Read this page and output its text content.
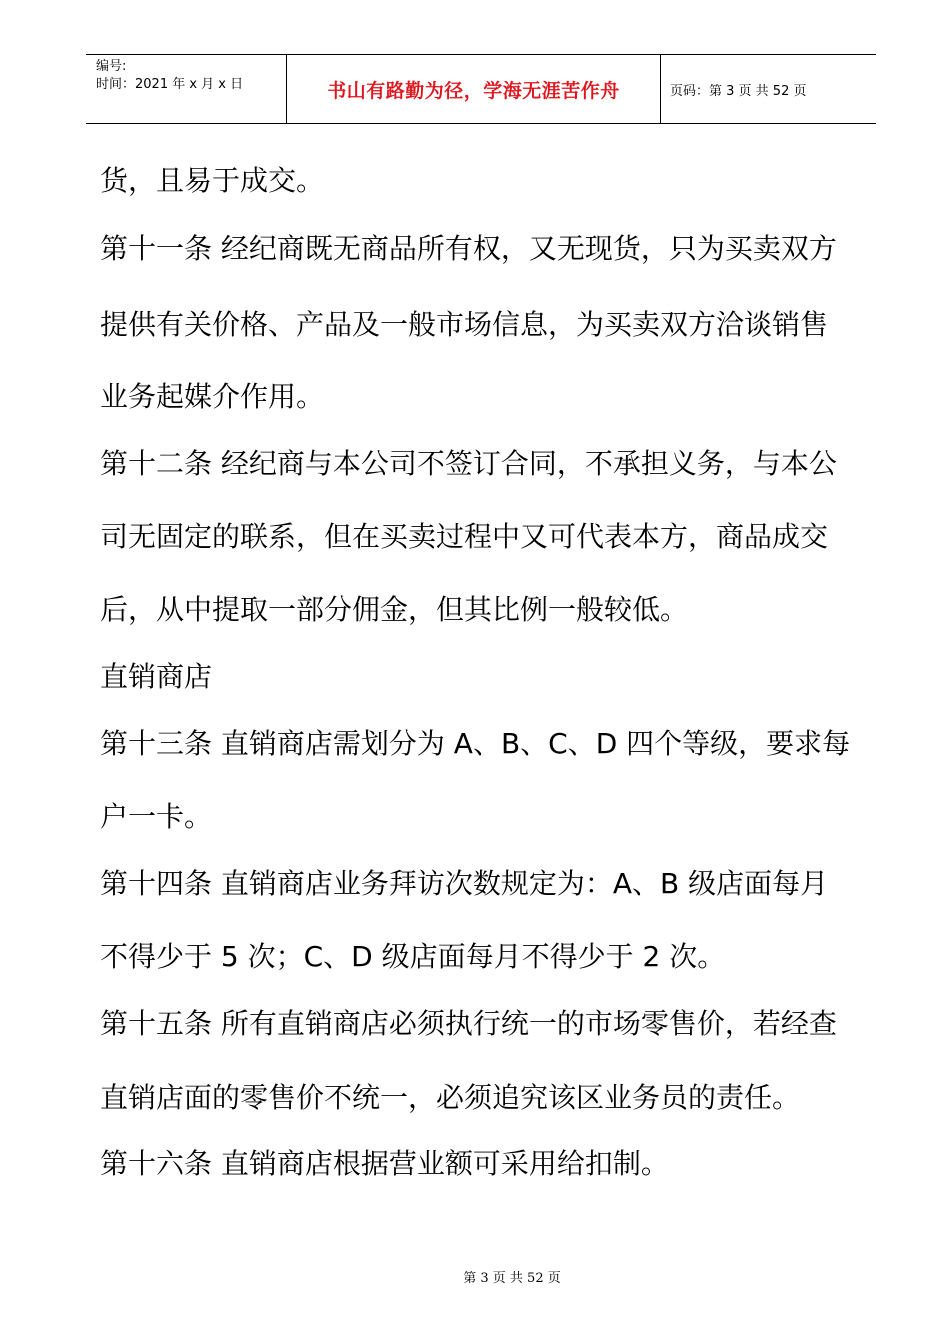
编号:
时间：2021 年 x 月 x 日	书山有路勤为径，学海无涯苦作舟	页码：第 3 页 共 52 页
货，且易于成交。
第十一条 经纪商既无商品所有权，又无现货，只为买卖双方
提供有关价格、产品及一般市场信息，为买卖双方洽谈销售
业务起媒介作用。
第十二条 经纪商与本公司不签订合同，不承担义务，与本公
司无固定的联系，但在买卖过程中又可代表本方，商品成交
后，从中提取一部分佣金，但其比例一般较低。
直销商店
第十三条 直销商店需划分为 A、B、C、D 四个等级，要求每
户一卡。
第十四条 直销商店业务拜访次数规定为：A、B 级店面每月
不得少于 5 次；C、D 级店面每月不得少于 2 次。
第十五条 所有直销商店必须执行统一的市场零售价，若经查
直销店面的零售价不统一，必须追究该区业务员的责任。
第十六条 直销商店根据营业额可采用给扣制。
第 3 页 共 52 页
